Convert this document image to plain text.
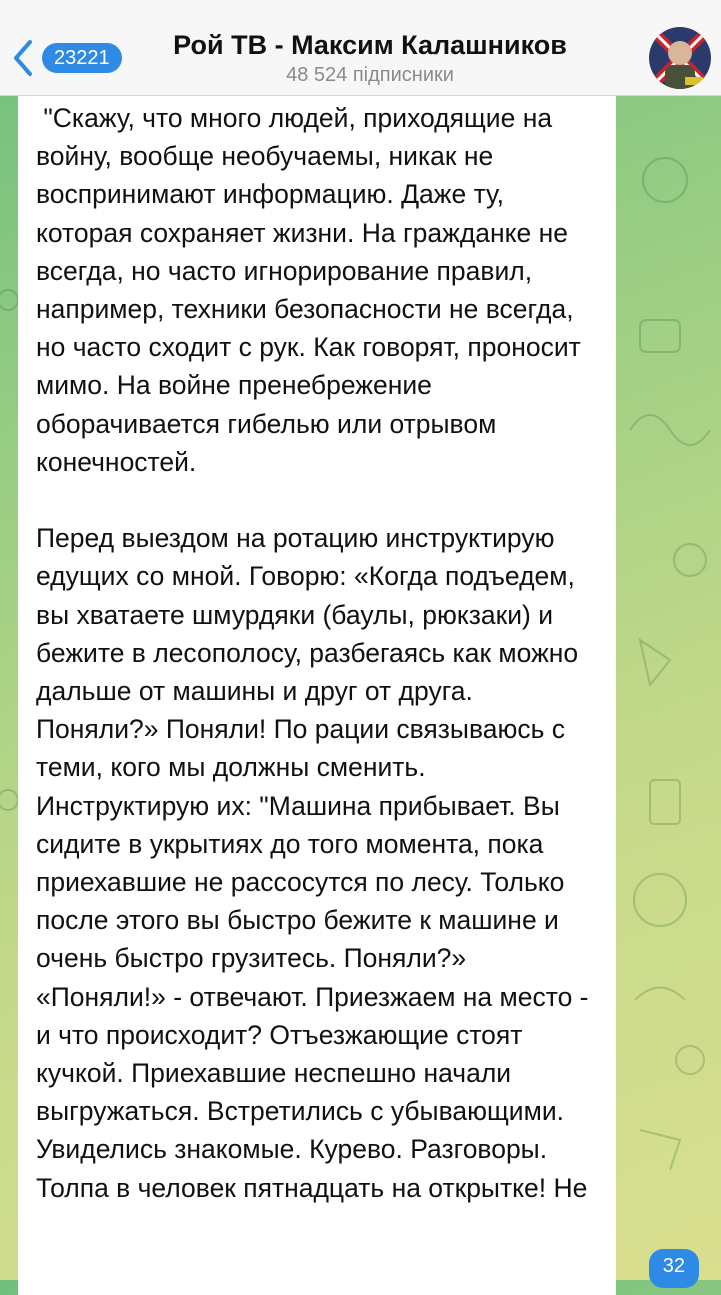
23221	Рой ТВ - Максим Калашников
48 524 підписники
"Скажу, что много людей, приходящие на войну, вообще необучаемы, никак не воспринимают информацию. Даже ту, которая сохраняет жизни. На гражданке не всегда, но часто игнорирование правил, например, техники безопасности не всегда, но часто сходит с рук. Как говорят, проносит мимо. На войне пренебрежение оборачивается гибелью или отрывом конечностей.

Перед выездом на ротацию инструктирую едущих со мной. Говорю: «Когда подъедем, вы хватаете шмурдяки (баулы, рюкзаки) и бежите в лесополосу, разбегаясь как можно дальше от машины и друг от друга. Поняли?» Поняли! По рации связываюсь с теми, кого мы должны сменить. Инструктирую их: "Машина прибывает. Вы сидите в укрытиях до того момента, пока приехавшие не рассосутся по лесу. Только после этого вы быстро бежите к машине и очень быстро грузитесь. Поняли?»  «Поняли!» - отвечают. Приезжаем на место - и что происходит? Отъезжающие стоят кучкой. Приехавшие неспешно начали выгружаться. Встретились с убывающими. Увиделись знакомые. Курево. Разговоры. Толпа в человек пятнадцать на открытке! Не
32
